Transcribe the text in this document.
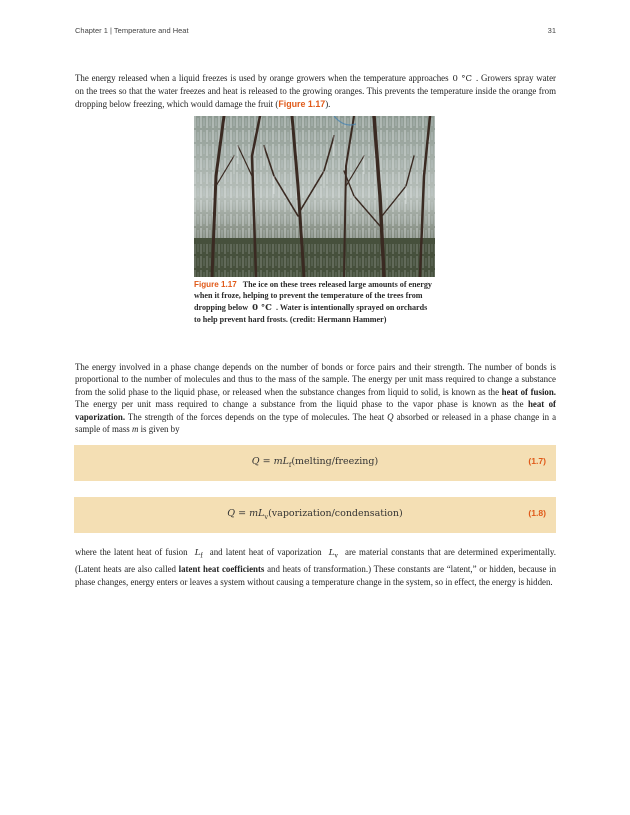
Chapter 1 | Temperature and Heat	31
The energy released when a liquid freezes is used by orange growers when the temperature approaches 0 °C . Growers spray water on the trees so that the water freezes and heat is released to the growing oranges. This prevents the temperature inside the orange from dropping below freezing, which would damage the fruit (Figure 1.17).
Figure 1.17 The ice on these trees released large amounts of energy when it froze, helping to prevent the temperature of the trees from dropping below 0 °C . Water is intentionally sprayed on orchards to help prevent hard frosts. (credit: Hermann Hammer)
The energy involved in a phase change depends on the number of bonds or force pairs and their strength. The number of bonds is proportional to the number of molecules and thus to the mass of the sample. The energy per unit mass required to change a substance from the solid phase to the liquid phase, or released when the substance changes from liquid to solid, is known as the heat of fusion. The energy per unit mass required to change a substance from the liquid phase to the vapor phase is known as the heat of vaporization. The strength of the forces depends on the type of molecules. The heat Q absorbed or released in a phase change in a sample of mass m is given by
$Q = mL_f(melting/freezing)$	(1.7)
$Q = mL_v(vaporization/condensation)$	(1.8)
where the latent heat of fusion $L_f$ and latent heat of vaporization $L_v$ are material constants that are determined experimentally. (Latent heats are also called latent heat coefficients and heats of transformation.) These constants are “latent,” or hidden, because in phase changes, energy enters or leaves a system without causing a temperature change in the system, so in effect, the energy is hidden.
